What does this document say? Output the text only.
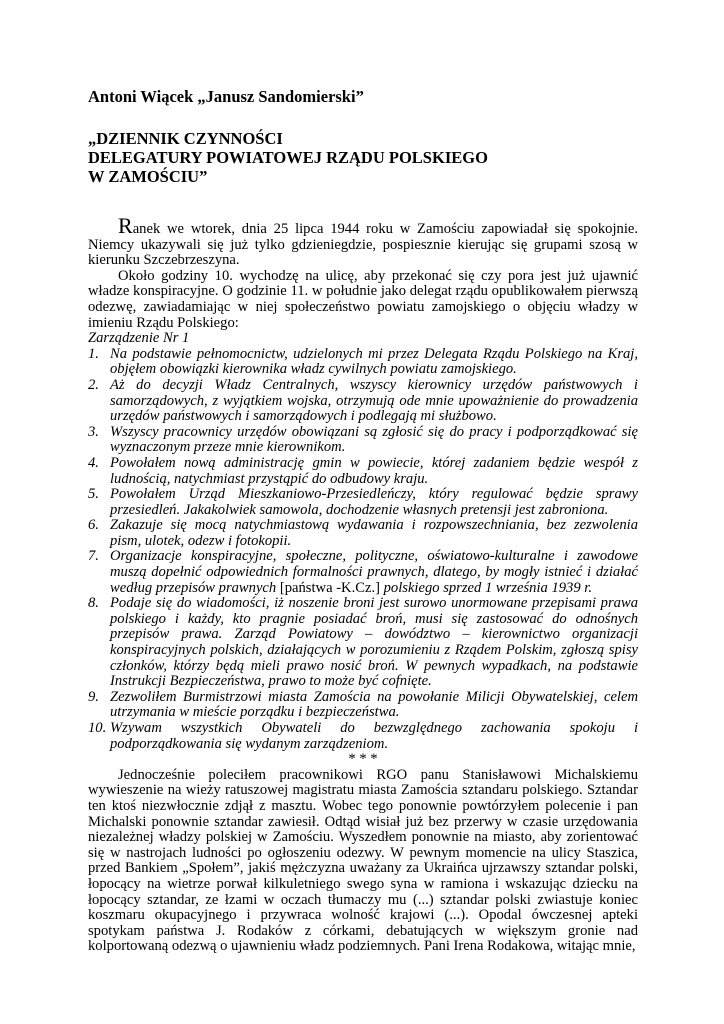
Antoni Wiącek „Janusz Sandomierski”
„DZIENNIK CZYNNOŚCI
DELEGATURY POWIATOWEJ RZĄDU POLSKIEGO
W ZAMOŚCIU”
Ranek we wtorek, dnia 25 lipca 1944 roku w Zamościu zapowiadał się spokojnie. Niemcy ukazywali się już tylko gdzieniegdzie, pospiesznie kierując się grupami szosą w kierunku Szczebrzeszyna.
Około godziny 10. wychodzę na ulicę, aby przekonać się czy pora jest już ujawnić władze konspiracyjne. O godzinie 11. w południe jako delegat rządu opublikowałem pierwszą odezwę, zawiadamiając w niej społeczeństwo powiatu zamojskiego o objęciu władzy w imieniu Rządu Polskiego:
Zarządzenie Nr 1
1. Na podstawie pełnomocnictw, udzielonych mi przez Delegata Rządu Polskiego na Kraj, objęłem obowiązki kierownika władz cywilnych powiatu zamojskiego.
2. Aż do decyzji Władz Centralnych, wszyscy kierownicy urzędów państwowych i samorządowych, z wyjątkiem wojska, otrzymują ode mnie upoważnienie do prowadzenia urzędów państwowych i samorządowych i podlegają mi służbowo.
3. Wszyscy pracownicy urzędów obowiązani są zgłosić się do pracy i podporządkować się wyznaczonym przeze mnie kierownikom.
4. Powołałem nową administrację gmin w powiecie, której zadaniem będzie wespół z ludnością, natychmiast przystąpić do odbudowy kraju.
5. Powołałem Urząd Mieszkaniowo-Przesiedleńczy, który regulować będzie sprawy przesiedleń. Jakakolwiek samowola, dochodzenie własnych pretensji jest zabroniona.
6. Zakazuje się mocą natychmiastową wydawania i rozpowszechniania, bez zezwolenia pism, ulotek, odezw i fotokopii.
7. Organizacje konspiracyjne, społeczne, polityczne, oświatowo-kulturalne i zawodowe muszą dopełnić odpowiednich formalności prawnych, dlatego, by mogły istnieć i działać według przepisów prawnych [państwa -K.Cz.] polskiego sprzed 1 września 1939 r.
8. Podaje się do wiadomości, iż noszenie broni jest surowo unormowane przepisami prawa polskiego i każdy, kto pragnie posiadać broń, musi się zastosować do odnośnych przepisów prawa. Zarząd Powiatowy – dowództwo – kierownictwo organizacji konspiracyjnych polskich, działających w porozumieniu z Rządem Polskim, zgłoszą spisy członków, którzy będą mieli prawo nosić broń. W pewnych wypadkach, na podstawie Instrukcji Bezpieczeństwa, prawo to może być cofnięte.
9. Zezwoliłem Burmistrzowi miasta Zamościa na powołanie Milicji Obywatelskiej, celem utrzymania w mieście porządku i bezpieczeństwa.
10. Wzywam wszystkich Obywateli do bezwzględnego zachowania spokoju i podporządkowania się wydanym zarządzeniom.
* * *
Jednocześnie poleciłem pracownikowi RGO panu Stanisławowi Michalskiemu wywieszenie na wieży ratuszowej magistratu miasta Zamościa sztandaru polskiego. Sztandar ten ktoś niezwłocznie zdjął z masztu. Wobec tego ponownie powtórzyłem polecenie i pan Michalski ponownie sztandar zawiesił. Odtąd wisiał już bez przerwy w czasie urzędowania niezależnej władzy polskiej w Zamościu. Wyszedłem ponownie na miasto, aby zorientować się w nastrojach ludności po ogłoszeniu odezwy. W pewnym momencie na ulicy Staszica, przed Bankiem „Społem”, jakiś mężczyzna uważany za Ukraińca ujrzawszy sztandar polski, łopocący na wietrze porwał kilkuletniego swego syna w ramiona i wskazując dziecku na łopocący sztandar, ze łzami w oczach tłumaczy mu (...) sztandar polski zwiastuje koniec koszmaru okupacyjnego i przywraca wolność krajowi (...). Opodal ówczesnej apteki spotykam państwa J. Rodaków z córkami, debatujących w większym gronie nad kolportowaną odezwą o ujawnieniu władz podziemnych. Pani Irena Rodakowa, witając mnie,
